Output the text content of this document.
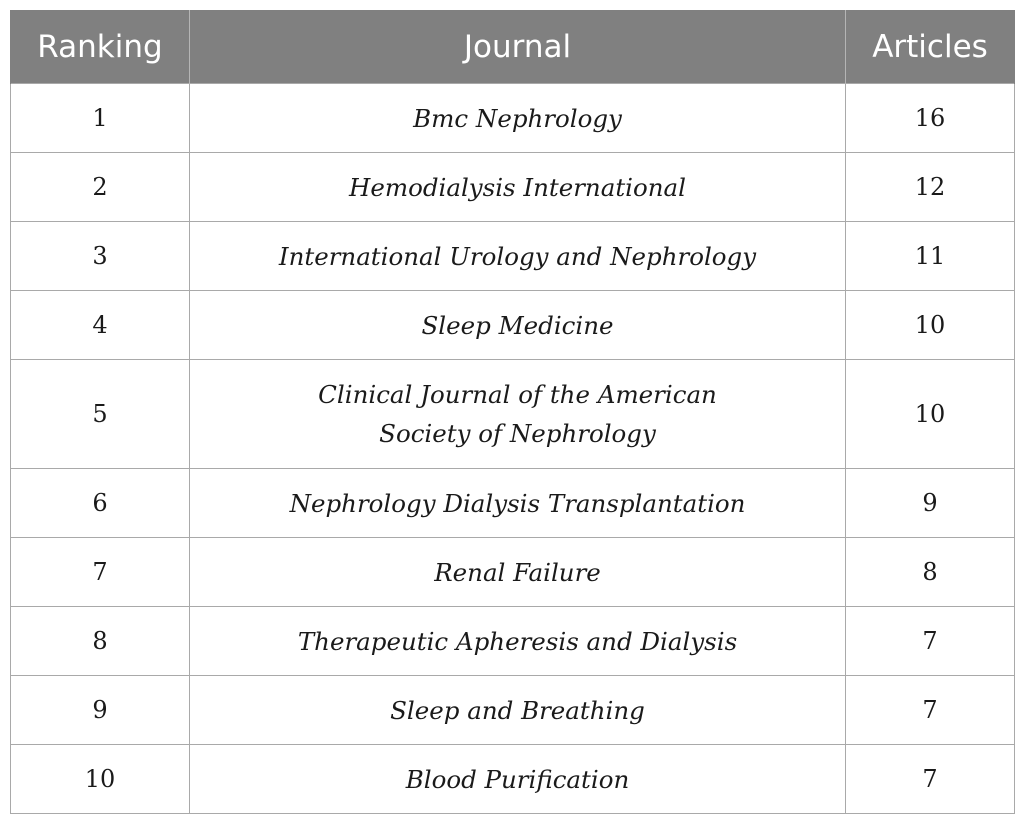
Ranking	Journal	Articles
1	Bmc Nephrology	16
2	Hemodialysis International	12
3	International Urology and Nephrology	11
4	Sleep Medicine	10
5	Clinical Journal of the American Society of Nephrology	10
6	Nephrology Dialysis Transplantation	9
7	Renal Failure	8
8	Therapeutic Apheresis and Dialysis	7
9	Sleep and Breathing	7
10	Blood Purification	7
